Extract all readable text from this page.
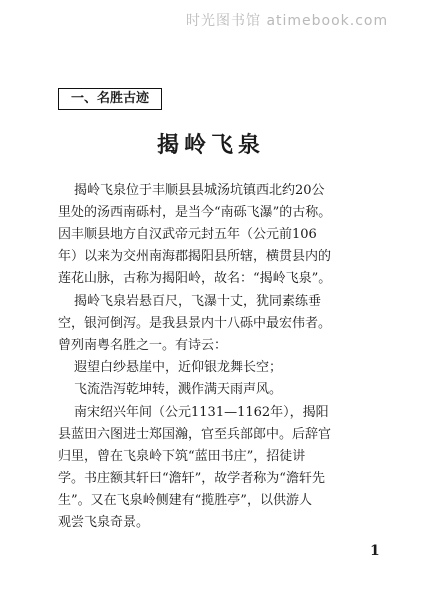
时光图书馆 atimebook.com
一、名胜古迹
揭岭飞泉
揭岭飞泉位于丰顺县县城汤坑镇西北约20公
里处的汤西南砾村，是当今“南砾飞瀑”的古称。
因丰顺县地方自汉武帝元封五年（公元前106
年）以来为交州南海郡揭阳县所辖，横贯县内的
莲花山脉，古称为揭阳岭，故名：“揭岭飞泉”。
揭岭飞泉岩悬百尺，飞瀑十丈，犹同素练垂
空，银河倒泻。是我县景内十八砾中最宏伟者。
曾列南粤名胜之一。有诗云：
遐望白纱悬崖中，近仰银龙舞长空；
飞流浩泻乾坤转，溅作满天雨声风。
南宋绍兴年间（公元1131—1162年），揭阳
县蓝田六图进士郑国瀚，官至兵部郎中。后辞官
归里，曾在飞泉岭下筑“蓝田书庄”，招徒讲
学。书庄额其轩曰“澹轩”，故学者称为“澹轩先
生”。又在飞泉岭侧建有“揽胜亭”，以供游人
观尝飞泉奇景。
1
